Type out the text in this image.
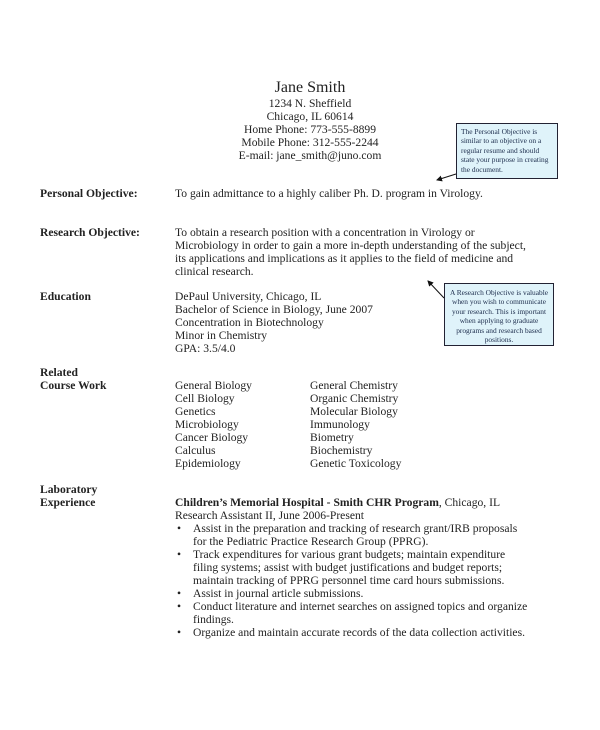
Jane Smith
1234 N. Sheffield
Chicago, IL 60614
Home Phone: 773-555-8899
Mobile Phone: 312-555-2244
E-mail: jane_smith@juno.com
The Personal Objective is similar to an objective on a regular resume and should state your purpose in creating the document.
A Research Objective is valuable when you wish to communicate your research. This is important when applying to graduate programs and research based positions.
Personal Objective:	To gain admittance to a highly caliber Ph. D. program in Virology.
Research Objective:	To obtain a research position with a concentration in Virology or
Microbiology in order to gain a more in-depth understanding of the subject,
its applications and implications as it applies to the field of medicine and
clinical research.
Education	DePaul University, Chicago, IL
Bachelor of Science in Biology, June 2007
Concentration in Biotechnology
Minor in Chemistry
GPA: 3.5/4.0
Related
Course Work	General Biology	General Chemistry
Cell Biology	Organic Chemistry
Genetics	Molecular Biology
Microbiology	Immunology
Cancer Biology	Biometry
Calculus	Biochemistry
Epidemiology	Genetic Toxicology
Laboratory
Experience	Children’s Memorial Hospital - Smith CHR Program, Chicago, IL
Research Assistant II, June 2006-Present
• Assist in the preparation and tracking of research grant/IRB proposals
for the Pediatric Practice Research Group (PPRG).
• Track expenditures for various grant budgets; maintain expenditure
filing systems; assist with budget justifications and budget reports;
maintain tracking of PPRG personnel time card hours submissions.
• Assist in journal article submissions.
• Conduct literature and internet searches on assigned topics and organize
findings.
• Organize and maintain accurate records of the data collection activities.
